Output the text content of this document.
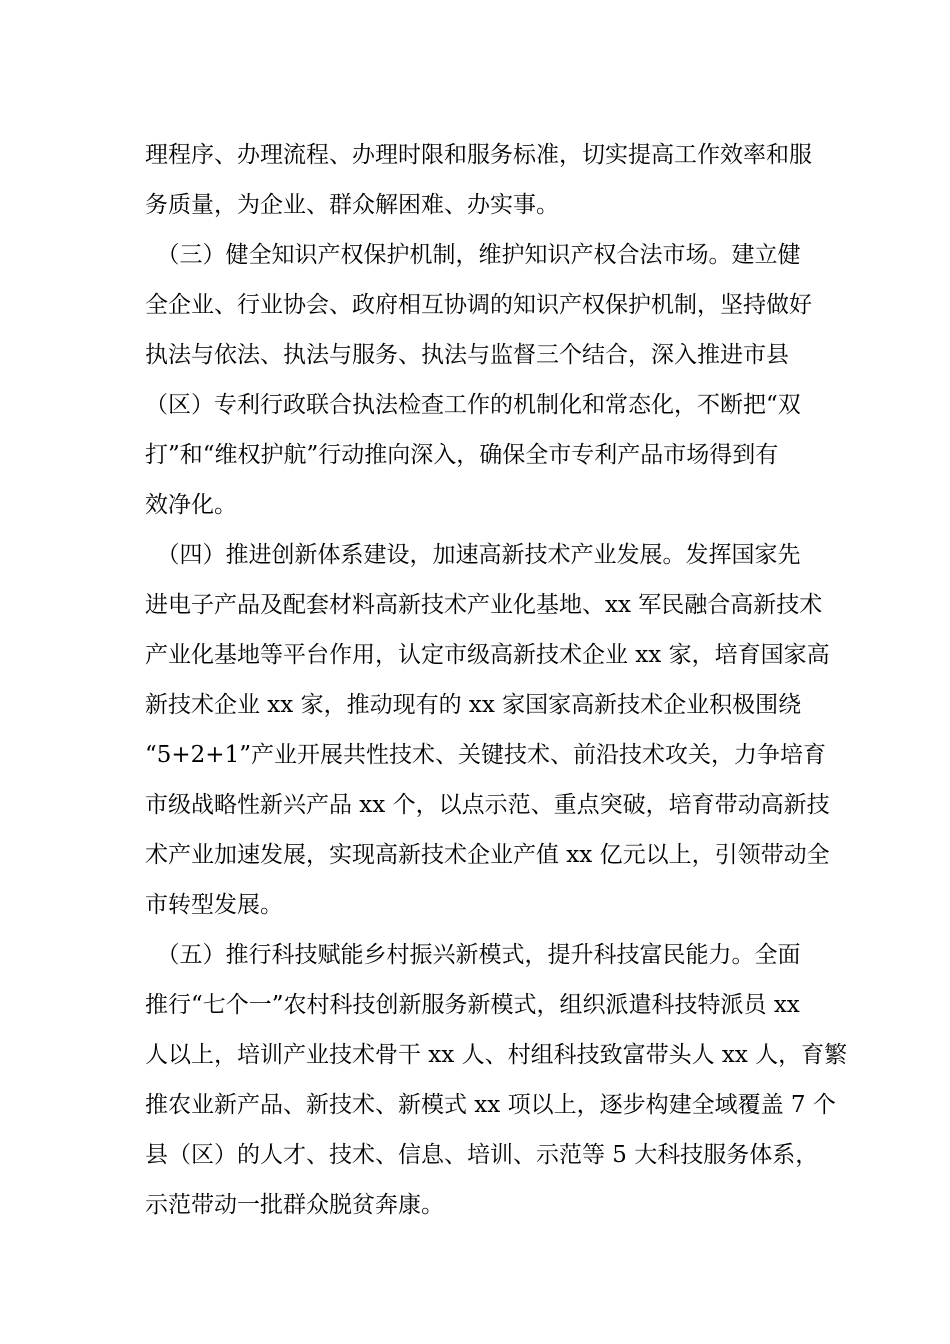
理程序、办理流程、办理时限和服务标准，切实提高工作效率和服
务质量，为企业、群众解困难、办实事。
　（三）健全知识产权保护机制，维护知识产权合法市场。建立健
全企业、行业协会、政府相互协调的知识产权保护机制，坚持做好
执法与依法、执法与服务、执法与监督三个结合，深入推进市县
（区）专利行政联合执法检查工作的机制化和常态化，不断把“双
打”和“维权护航”行动推向深入，确保全市专利产品市场得到有
效净化。
　（四）推进创新体系建设，加速高新技术产业发展。发挥国家先
进电子产品及配套材料高新技术产业化基地、xx 军民融合高新技术
产业化基地等平台作用，认定市级高新技术企业 xx 家，培育国家高
新技术企业 xx 家，推动现有的 xx 家国家高新技术企业积极围绕
“5+2+1”产业开展共性技术、关键技术、前沿技术攻关，力争培育
市级战略性新兴产品 xx 个，以点示范、重点突破，培育带动高新技
术产业加速发展，实现高新技术企业产值 xx 亿元以上，引领带动全
市转型发展。
　（五）推行科技赋能乡村振兴新模式，提升科技富民能力。全面
推行“七个一”农村科技创新服务新模式，组织派遣科技特派员 xx
人以上，培训产业技术骨干 xx 人、村组科技致富带头人 xx 人，育繁
推农业新产品、新技术、新模式 xx 项以上，逐步构建全域覆盖 7 个
县（区）的人才、技术、信息、培训、示范等 5 大科技服务体系，
示范带动一批群众脱贫奔康。
